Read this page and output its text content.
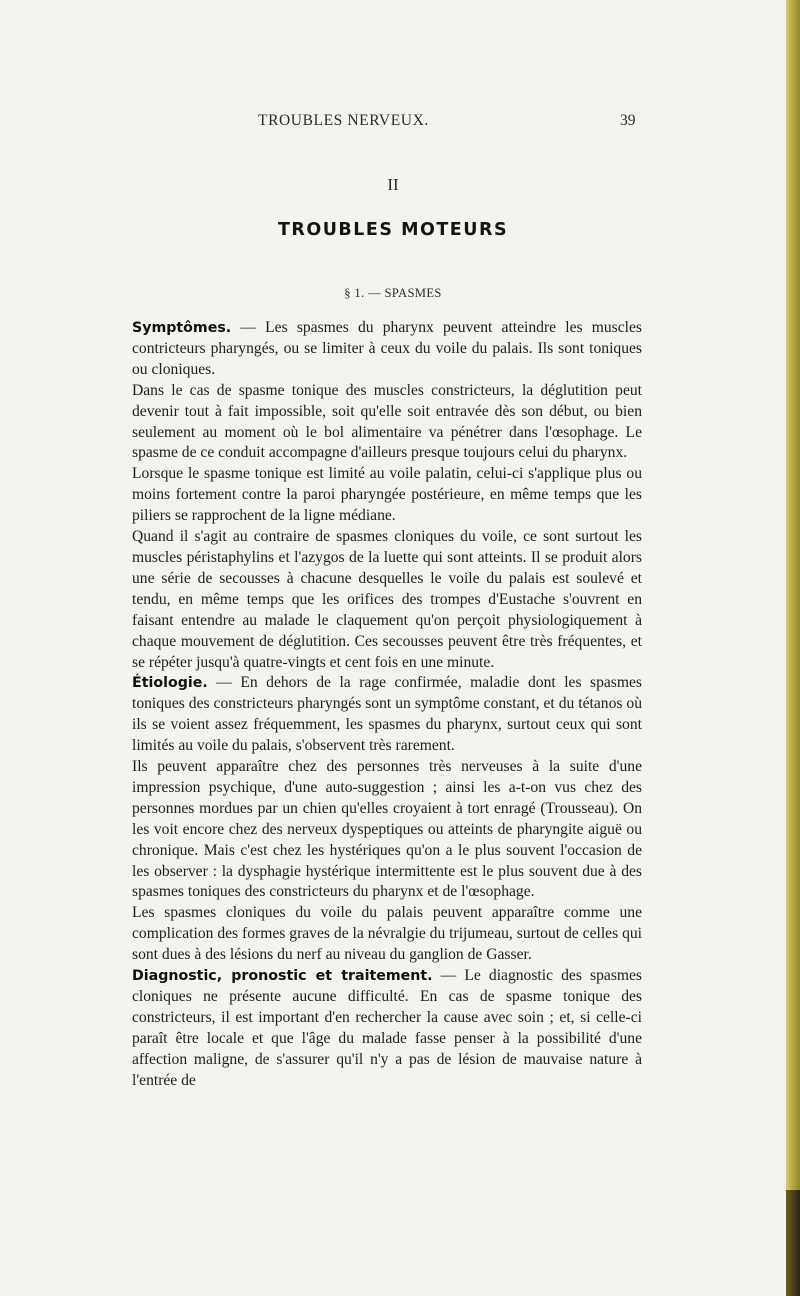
TROUBLES NERVEUX.	39
II
TROUBLES MOTEURS
§ 1. — SPASMES

Symptômes. — Les spasmes du pharynx peuvent atteindre les muscles contricteurs pharyngés, ou se limiter à ceux du voile du palais. Ils sont toniques ou cloniques.

Dans le cas de spasme tonique des muscles constricteurs, la déglutition peut devenir tout à fait impossible, soit qu'elle soit entravée dès son début, ou bien seulement au moment où le bol alimentaire va pénétrer dans l'œsophage. Le spasme de ce conduit accompagne d'ailleurs presque toujours celui du pharynx.

Lorsque le spasme tonique est limité au voile palatin, celui-ci s'applique plus ou moins fortement contre la paroi pharyngée postérieure, en même temps que les piliers se rapprochent de la ligne médiane.

Quand il s'agit au contraire de spasmes cloniques du voile, ce sont surtout les muscles péristaphylins et l'azygos de la luette qui sont atteints. Il se produit alors une série de secousses à chacune desquelles le voile du palais est soulevé et tendu, en même temps que les orifices des trompes d'Eustache s'ouvrent en faisant entendre au malade le claquement qu'on perçoit physiologiquement à chaque mouvement de déglutition. Ces secousses peuvent être très fréquentes, et se répéter jusqu'à quatre-vingts et cent fois en une minute.

Étiologie. — En dehors de la rage confirmée, maladie dont les spasmes toniques des constricteurs pharyngés sont un symptôme constant, et du tétanos où ils se voient assez fréquemment, les spasmes du pharynx, surtout ceux qui sont limités au voile du palais, s'observent très rarement.

Ils peuvent apparaître chez des personnes très nerveuses à la suite d'une impression psychique, d'une auto-suggestion ; ainsi les a-t-on vus chez des personnes mordues par un chien qu'elles croyaient à tort enragé (Trousseau). On les voit encore chez des nerveux dyspeptiques ou atteints de pharyngite aiguë ou chronique. Mais c'est chez les hystériques qu'on a le plus souvent l'occasion de les observer : la dysphagie hystérique intermittente est le plus souvent due à des spasmes toniques des constricteurs du pharynx et de l'œsophage.

Les spasmes cloniques du voile du palais peuvent apparaître comme une complication des formes graves de la névralgie du trijumeau, surtout de celles qui sont dues à des lésions du nerf au niveau du ganglion de Gasser.

Diagnostic, pronostic et traitement. — Le diagnostic des spasmes cloniques ne présente aucune difficulté. En cas de spasme tonique des constricteurs, il est important d'en rechercher la cause avec soin ; et, si celle-ci paraît être locale et que l'âge du malade fasse penser à la possibilité d'une affection maligne, de s'assurer qu'il n'y a pas de lésion de mauvaise nature à l'entrée de
